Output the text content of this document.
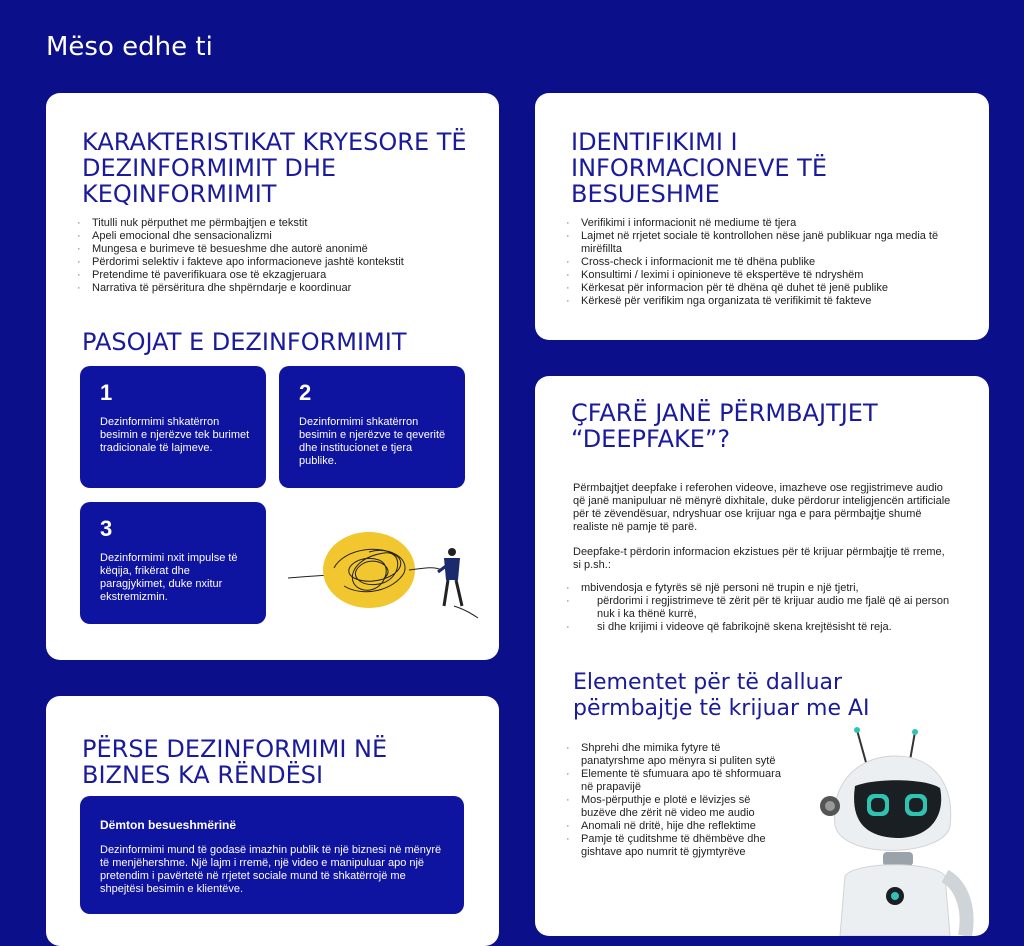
Mëso edhe ti
KARAKTERISTIKAT KRYESORE TË DEZINFORMIMIT DHE KEQINFORMIMIT
· Titulli nuk përputhet me përmbajtjen e tekstit
· Apeli emocional dhe sensacionalizmi
· Mungesa e burimeve të besueshme dhe autorë anonimë
· Përdorimi selektiv i fakteve apo informacioneve jashtë kontekstit
· Pretendime të paverifikuara ose të ekzagjeruara
· Narrativa të përsëritura dhe shpërndarje e koordinuar
PASOJAT E DEZINFORMIMIT
1
Dezinformimi shkatërron besimin e njerëzve tek burimet tradicionale të lajmeve.
2
Dezinformimi shkatërron besimin e njerëzve te qeveritë dhe institucionet e tjera publike.
3
Dezinformimi nxit impulse të këqija, frikërat dhe paragjykimet, duke nxitur ekstremizmin.
IDENTIFIKIMI I INFORMACIONEVE TË BESUESHME
· Verifikimi i informacionit në mediume të tjera
· Lajmet në rrjetet sociale të kontrollohen nëse janë publikuar nga media të mirëfillta
· Cross-check i informacionit me të dhëna publike
· Konsultimi / leximi i opinioneve të ekspertëve të ndryshëm
· Kërkesat për informacion për të dhëna që duhet të jenë publike
· Kërkesë për verifikim nga organizata të verifikimit të fakteve
PËRSE DEZINFORMIMI NË BIZNES KA RËNDËSI
Dëmton besueshmërinë
Dezinformimi mund të godasë imazhin publik të një biznesi në mënyrë të menjëhershme. Një lajm i rremë, një video e manipuluar apo një pretendim i pavërtetë në rrjetet sociale mund të shkatërrojë me shpejtësi besimin e klientëve.
ÇFARË JANË PËRMBAJTJET “DEEPFAKE”?

Përmbajtjet deepfake i referohen videove, imazheve ose regjistrimeve audio që janë manipuluar në mënyrë dixhitale, duke përdorur inteligjencën artificiale për të zëvendësuar, ndryshuar ose krijuar nga e para përmbajtje shumë realiste në pamje të parë.

Deepfake-t përdorin informacion ekzistues për të krijuar përmbajtje të rreme, si p.sh.:

· mbivendosja e fytyrës së një personi në trupin e një tjetri,
· përdorimi i regjistrimeve të zërit për të krijuar audio me fjalë që ai person nuk i ka thënë kurrë,
· si dhe krijimi i videove që fabrikojnë skena krejtësisht të reja.
Elementet për të dalluar përmbajtje të krijuar me AI
· Shprehi dhe mimika fytyre të panatyrshme apo mënyra si puliten sytë
· Elemente të sfumuara apo të shformuara në prapavijë
· Mos-përputhje e plotë e lëvizjes së buzëve dhe zërit në video me audio
· Anomali në dritë, hije dhe reflektime
· Pamje të çuditshme të dhëmbëve dhe gishtave apo numrit të gjymtyrëve
